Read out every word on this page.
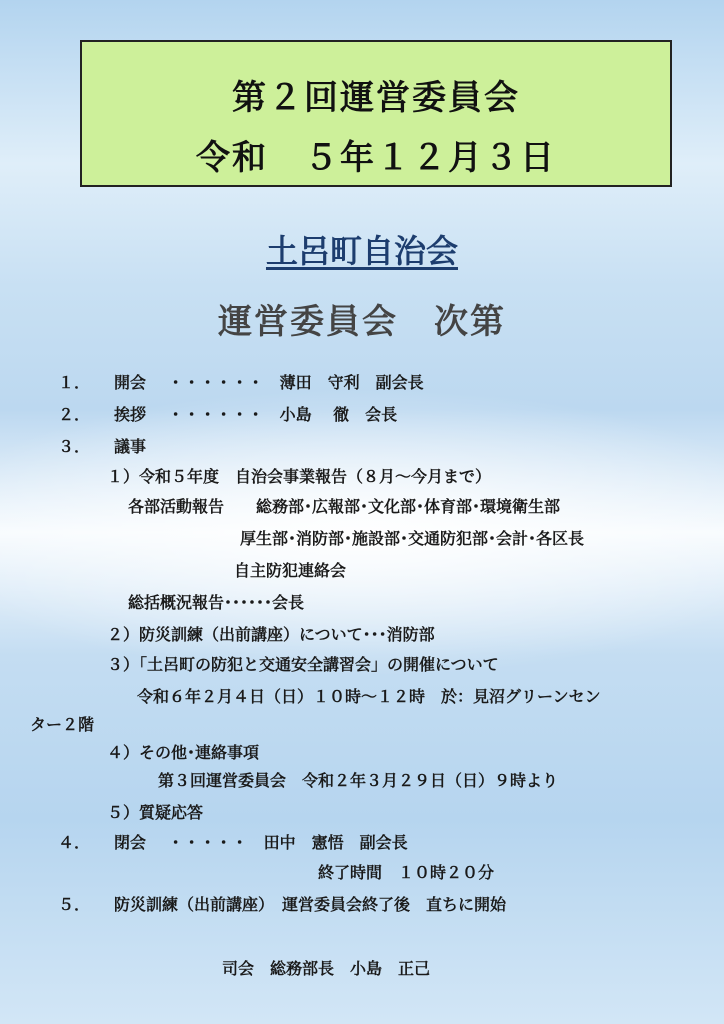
第２回運営委員会
令和　５年１２月３日
土呂町自治会
運営委員会　次第
１．　　開会　 ・・・・・・　薄田　守利　副会長
２．　　挨拶　 ・・・・・・　小島　 徹　会長
３．　　議事
１）令和５年度　自治会事業報告（８月～今月まで）
各部活動報告　　総務部･広報部･文化部･体育部･環境衛生部
厚生部･消防部･施設部･交通防犯部･会計･各区長
自主防犯連絡会
総括概況報告･･････会長
２）防災訓練（出前講座）について･･･消防部
３）「土呂町の防犯と交通安全講習会」の開催について
令和６年２月４日（日）１０時～１２時　於：見沼グリーンセン
ター２階
４）その他･連絡事項
第３回運営委員会　令和２年３月２９日（日）９時より
５）質疑応答
４．　　閉会　 ・・・・・　田中　憲悟　副会長
終了時間　１０時２０分
５．　　防災訓練（出前講座）　運営委員会終了後　直ちに開始
司会　総務部長　小島　正己
